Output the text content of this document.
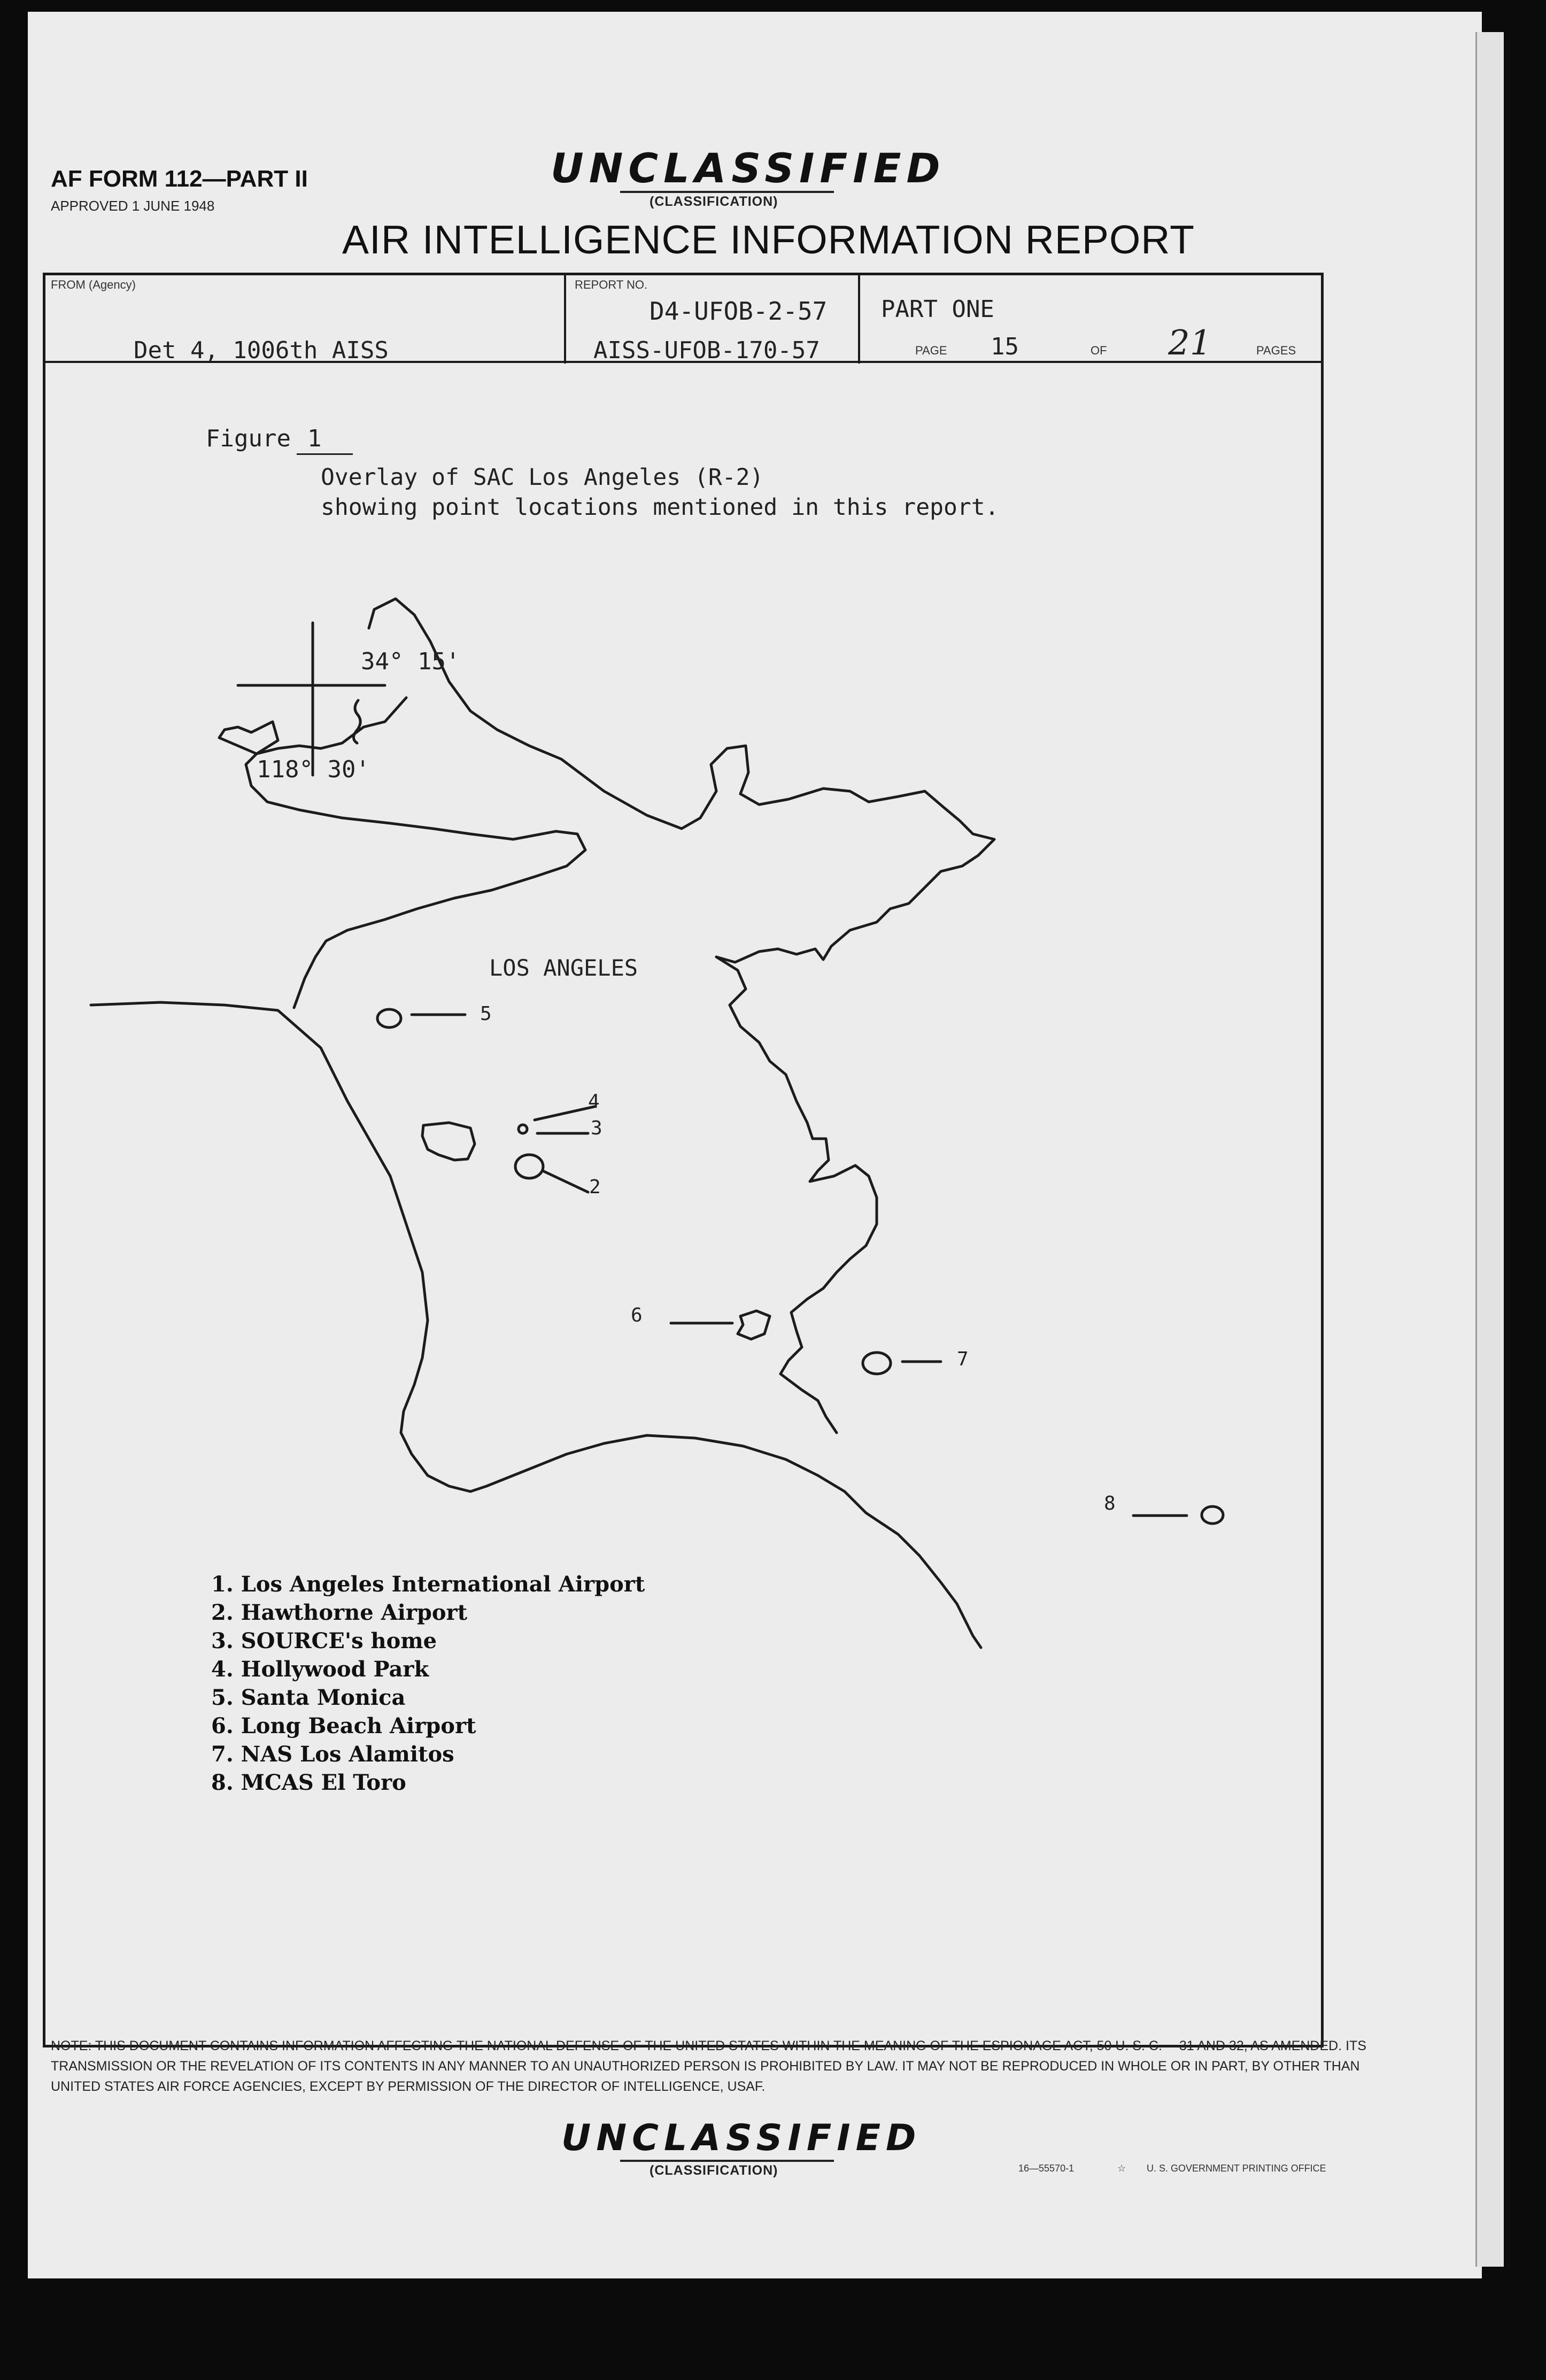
UNCLASSIFIED
(CLASSIFICATION)
AF FORM 112—PART II
APPROVED 1 JUNE 1948
AIR INTELLIGENCE INFORMATION REPORT
FROM (Agency)
Det 4, 1006th AISS
REPORT NO.
D4-UFOB-2-57
AISS-UFOB-170-57
PART ONE
PAGE 15	OF 21	PAGES
Figure 1
Overlay of SAC Los Angeles (R-2)
showing point locations mentioned in this report.
34° 15'
118° 30'
LOS ANGELES
5
4
3
2
6
7
8
1. Los Angeles International Airport
2. Hawthorne Airport
3. SOURCE's home
4. Hollywood Park
5. Santa Monica
6. Long Beach Airport
7. NAS Los Alamitos
8. MCAS El Toro
NOTE: THIS DOCUMENT CONTAINS INFORMATION AFFECTING THE NATIONAL DEFENSE OF THE UNITED STATES WITHIN THE MEANING OF THE ESPIONAGE ACT, 50 U. S. C.— 31 AND 32, AS AMENDED. ITS TRANSMISSION OR THE REVELATION OF ITS CONTENTS IN ANY MANNER TO AN UNAUTHORIZED PERSON IS PROHIBITED BY LAW. IT MAY NOT BE REPRODUCED IN WHOLE OR IN PART, BY OTHER THAN UNITED STATES AIR FORCE AGENCIES, EXCEPT BY PERMISSION OF THE DIRECTOR OF INTELLIGENCE, USAF.
UNCLASSIFIED
(CLASSIFICATION)	16—55570-1	☆ U. S. GOVERNMENT PRINTING OFFICE
